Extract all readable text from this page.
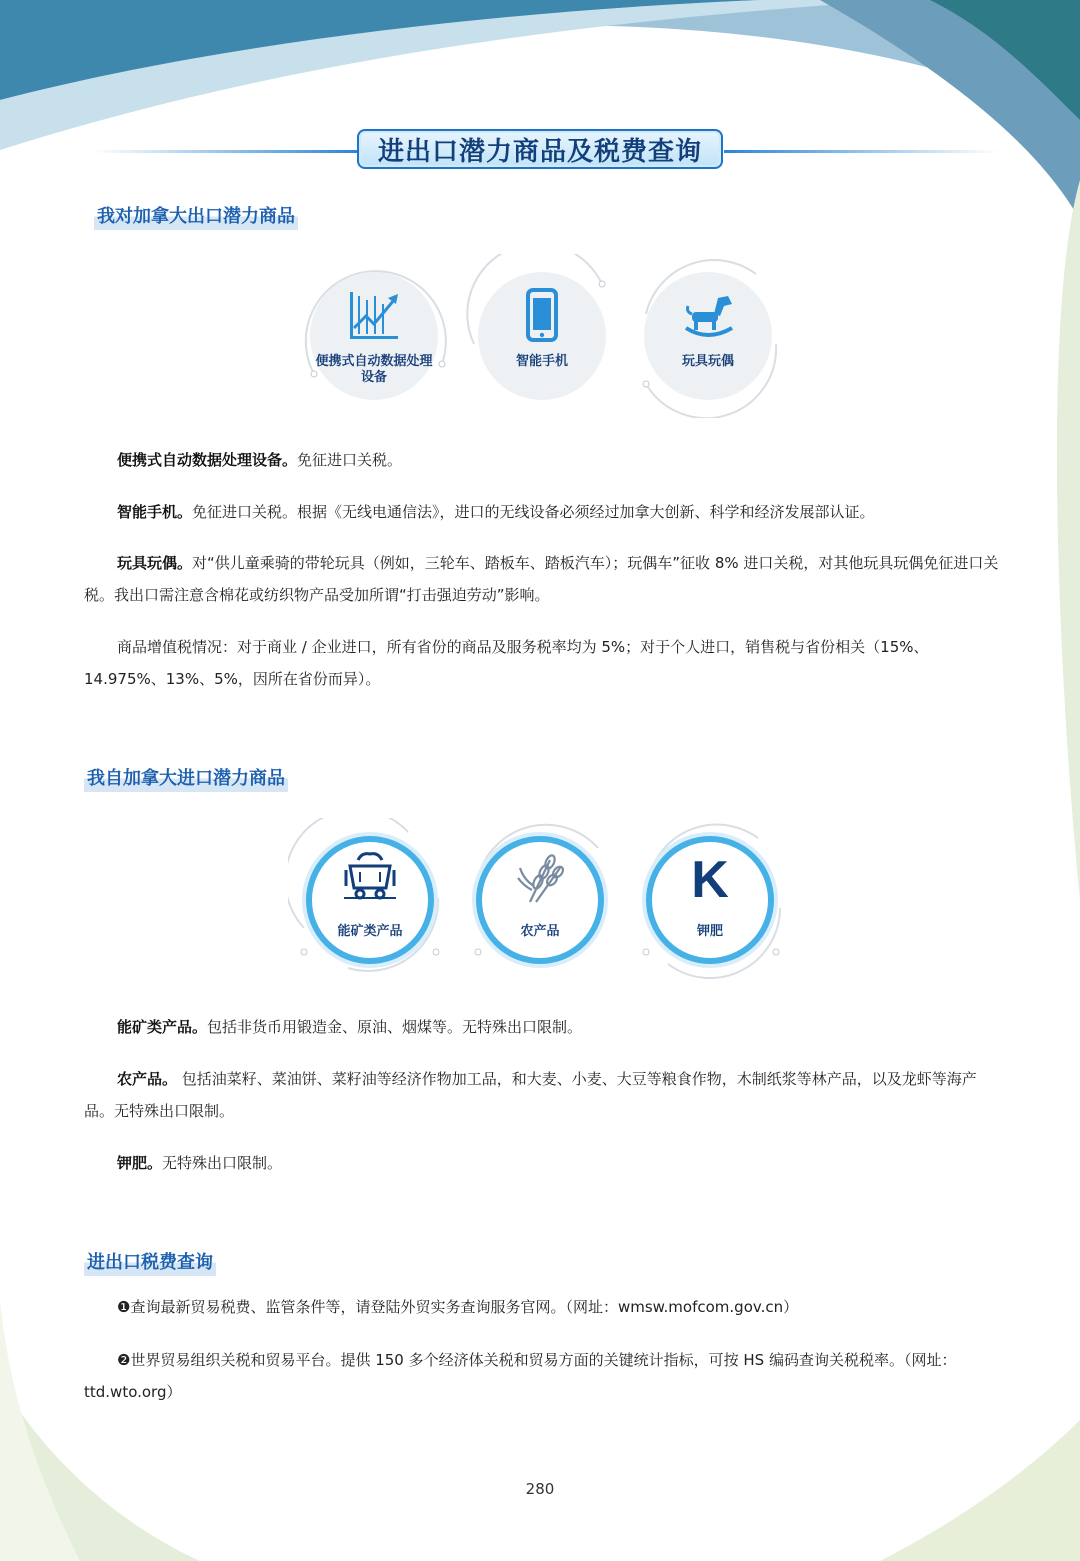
进出口潜力商品及税费查询
我对加拿大出口潜力商品
便携式自动数据处理设备
智能手机	玩具玩偶

便携式自动数据处理设备。免征进口关税。

智能手机。免征进口关税。根据《无线电通信法》，进口的无线设备必须经过加拿大创新、科学和经济发展部认证。

玩具玩偶。对“供儿童乘骑的带轮玩具（例如，三轮车、踏板车、踏板汽车）；玩偶车”征收 8% 进口关税，对其他玩具玩偶免征进口关税。我出口需注意含棉花或纺织物产品受加所谓“打击强迫劳动”影响。

商品增值税情况：对于商业 / 企业进口，所有省份的商品及服务税率均为 5%；对于个人进口，销售税与省份相关（15%、14.975%、13%、5%，因所在省份而异）。

我自加拿大进口潜力商品
能矿类产品	农产品
K
钾肥

能矿类产品。包括非货币用锻造金、原油、烟煤等。无特殊出口限制。

农产品。 包括油菜籽、菜油饼、菜籽油等经济作物加工品，和大麦、小麦、大豆等粮食作物，木制纸浆等林产品，以及龙虾等海产品。无特殊出口限制。

钾肥。无特殊出口限制。

进出口税费查询

❶查询最新贸易税费、监管条件等，请登陆外贸实务查询服务官网。（网址：wmsw.mofcom.gov.cn）

❷世界贸易组织关税和贸易平台。提供 150 多个经济体关税和贸易方面的关键统计指标，可按 HS 编码查询关税税率。（网址：ttd.wto.org）

280
